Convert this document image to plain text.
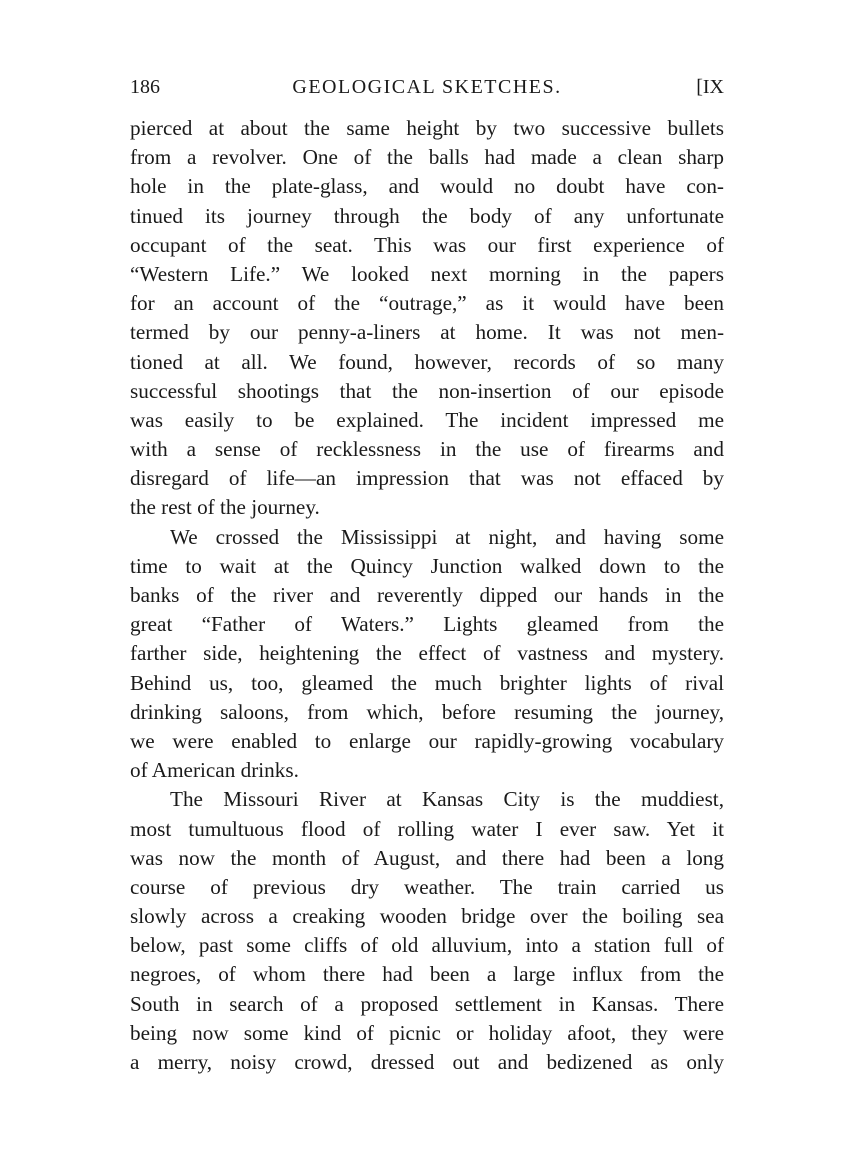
186	GEOLOGICAL SKETCHES.	[IX
pierced at about the same height by two successive bullets
from a revolver. One of the balls had made a clean sharp
hole in the plate-glass, and would no doubt have con-
tinued its journey through the body of any unfortunate
occupant of the seat. This was our first experience of
“Western Life.” We looked next morning in the papers
for an account of the “outrage,” as it would have been
termed by our penny-a-liners at home. It was not men-
tioned at all. We found, however, records of so many
successful shootings that the non-insertion of our episode
was easily to be explained. The incident impressed me
with a sense of recklessness in the use of firearms and
disregard of life—an impression that was not effaced by
the rest of the journey.
We crossed the Mississippi at night, and having some
time to wait at the Quincy Junction walked down to the
banks of the river and reverently dipped our hands in the
great “Father of Waters.” Lights gleamed from the
farther side, heightening the effect of vastness and mystery.
Behind us, too, gleamed the much brighter lights of rival
drinking saloons, from which, before resuming the journey,
we were enabled to enlarge our rapidly-growing vocabulary
of American drinks.
The Missouri River at Kansas City is the muddiest,
most tumultuous flood of rolling water I ever saw. Yet it
was now the month of August, and there had been a long
course of previous dry weather. The train carried us
slowly across a creaking wooden bridge over the boiling sea
below, past some cliffs of old alluvium, into a station full of
negroes, of whom there had been a large influx from the
South in search of a proposed settlement in Kansas. There
being now some kind of picnic or holiday afoot, they were
a merry, noisy crowd, dressed out and bedizened as only
